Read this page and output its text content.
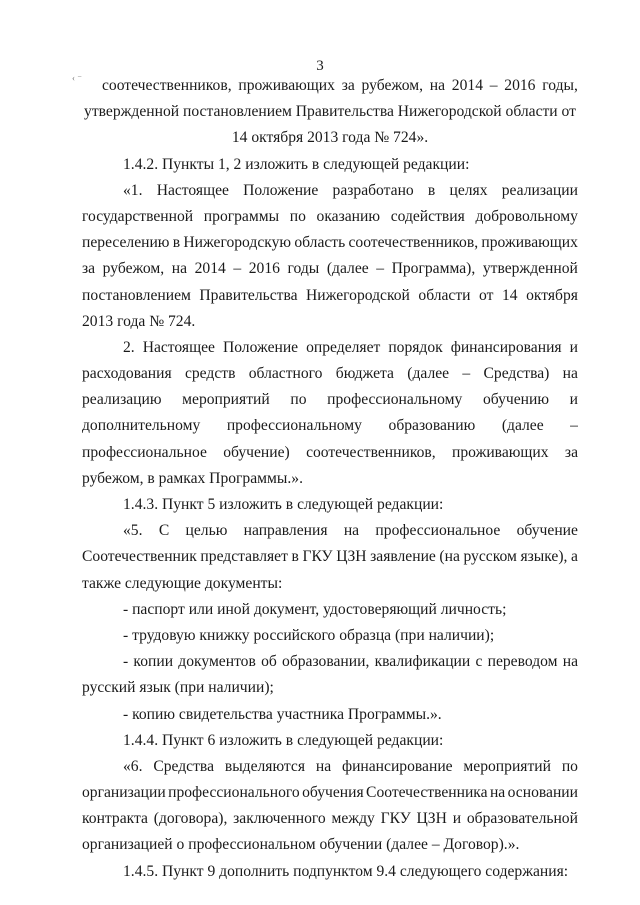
3
‹ ⁻ соотечественников, проживающих за рубежом, на 2014 – 2016 годы,
утвержденной постановлением Правительства Нижегородской области от
14 октября 2013 года № 724».
1.4.2. Пункты 1, 2 изложить в следующей редакции:
«1. Настоящее Положение разработано в целях реализации
государственной программы по оказанию содействия добровольному
переселению в Нижегородскую область соотечественников, проживающих
за рубежом, на 2014 – 2016 годы (далее – Программа), утвержденной
постановлением Правительства Нижегородской области от 14 октября
2013 года № 724.
2. Настоящее Положение определяет порядок финансирования и
расходования средств областного бюджета (далее – Средства) на
реализацию мероприятий по профессиональному обучению и
дополнительному профессиональному образованию (далее –
профессиональное обучение) соотечественников, проживающих за
рубежом, в рамках Программы.».
1.4.3. Пункт 5 изложить в следующей редакции:
«5. С целью направления на профессиональное обучение
Соотечественник представляет в ГКУ ЦЗН заявление (на русском языке), а
также следующие документы:
- паспорт или иной документ, удостоверяющий личность;
- трудовую книжку российского образца (при наличии);
- копии документов об образовании, квалификации с переводом на
русский язык (при наличии);
- копию свидетельства участника Программы.».
1.4.4. Пункт 6 изложить в следующей редакции:
«6. Средства выделяются на финансирование мероприятий по
организации профессионального обучения Соотечественника на основании
контракта (договора), заключенного между ГКУ ЦЗН и образовательной
организацией о профессиональном обучении (далее – Договор).».
1.4.5. Пункт 9 дополнить подпунктом 9.4 следующего содержания:
